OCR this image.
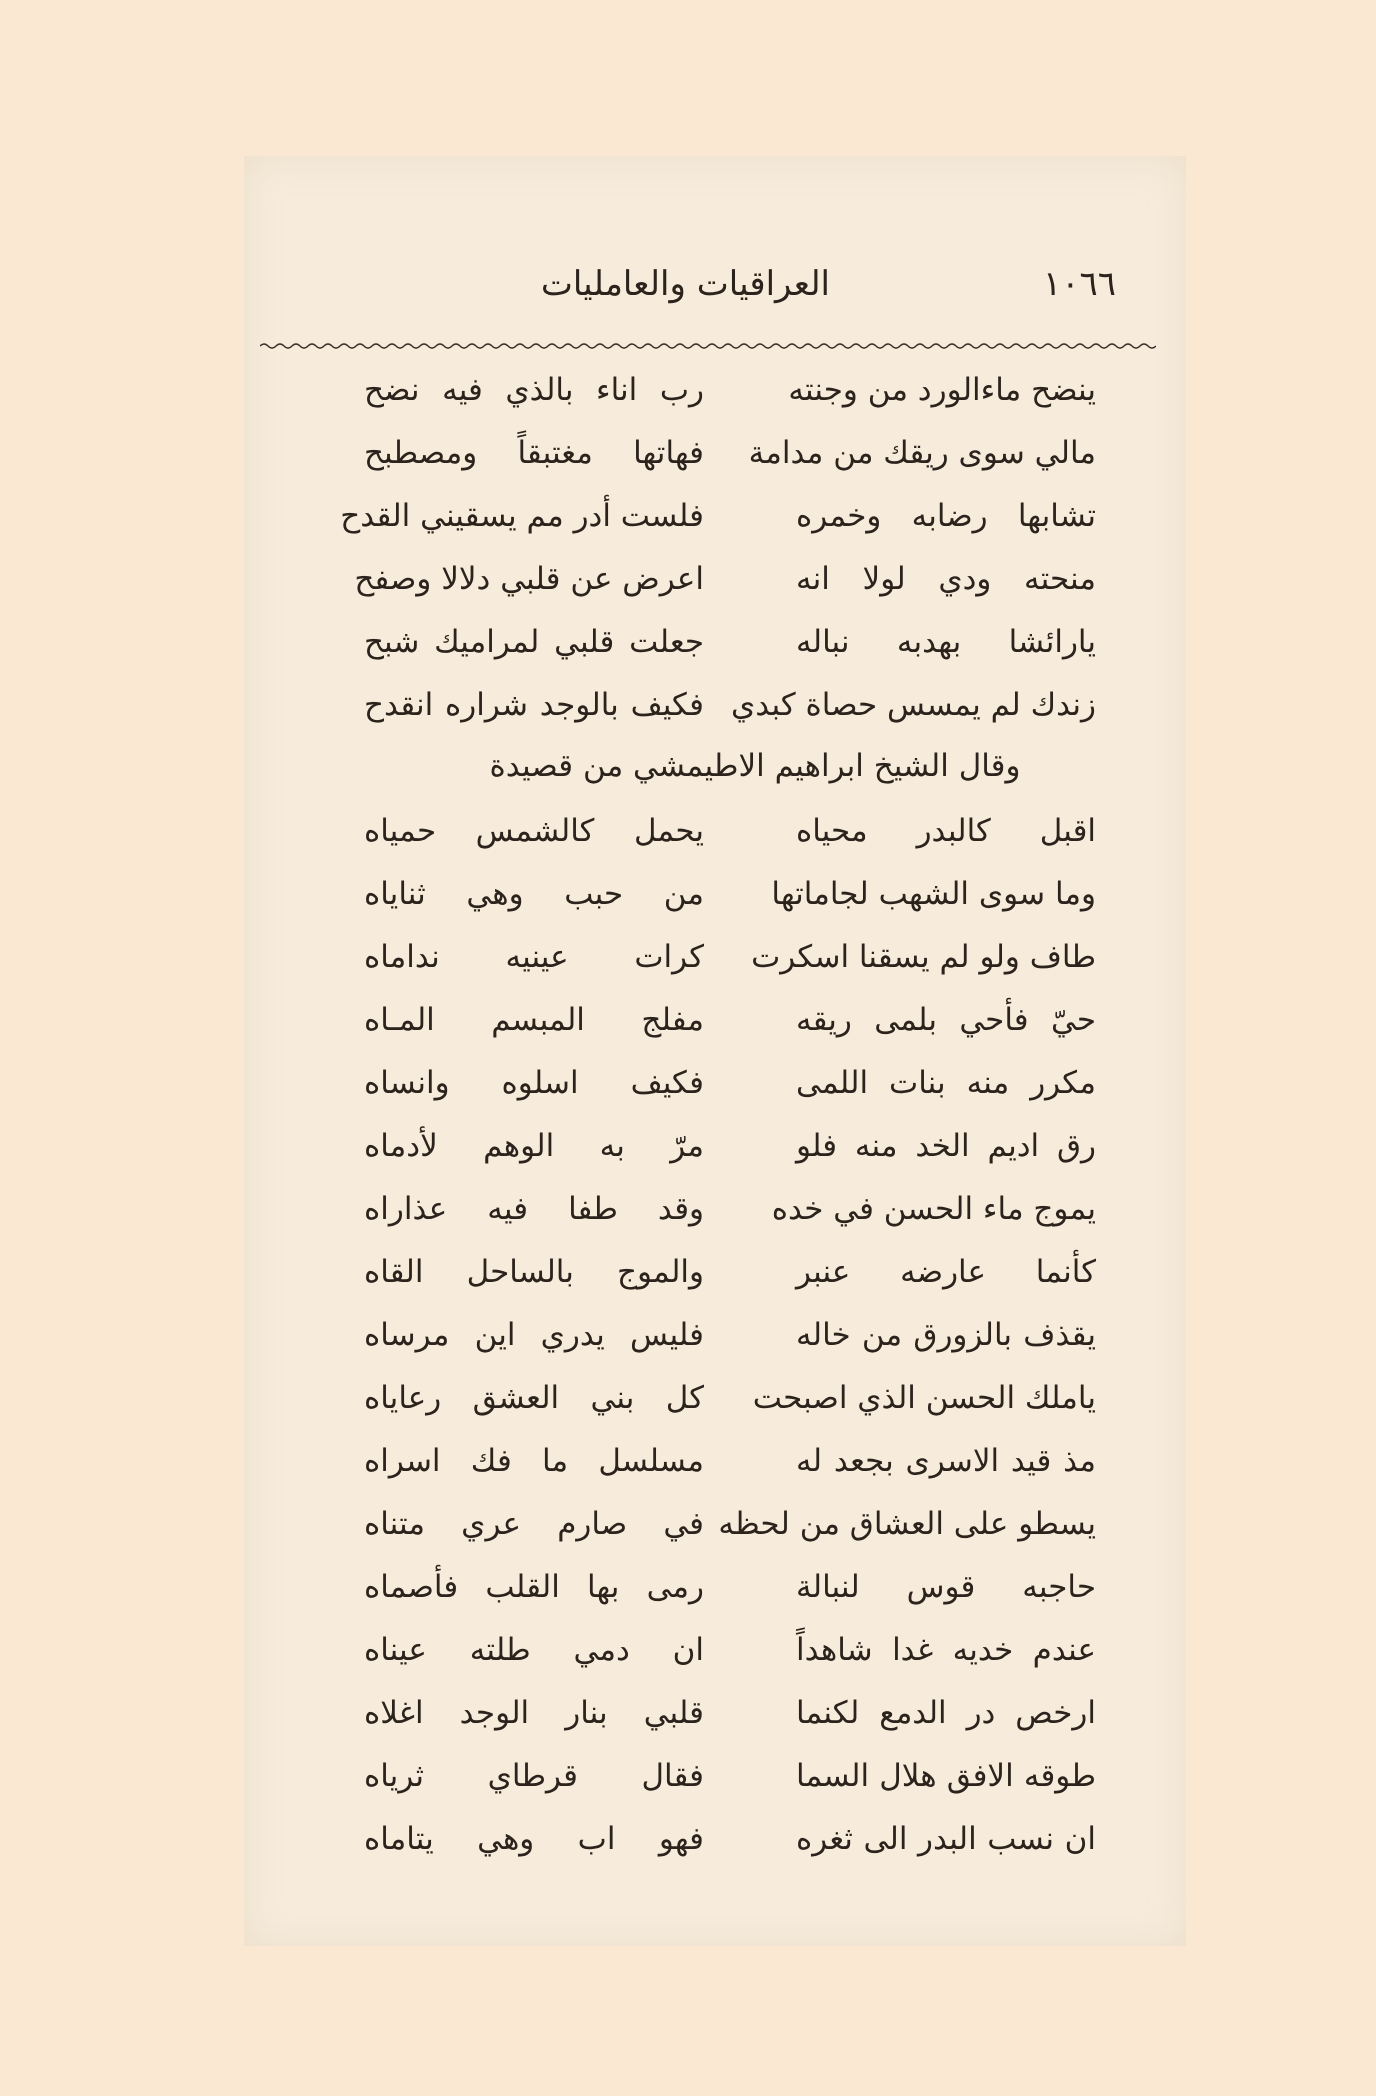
١٠٦٦
العراقيات والعامليات
ينضح ماءالورد من وجنته
رب اناء بالذي فيه نضح
مالي سوى ريقك من مدامة
فهاتها مغتبقاً ومصطبح
تشابها رضابه وخمره
فلست أدر مم يسقيني القدح
منحته ودي لولا انه
اعرض عن قلبي دلالا وصفح
يارائشا بهدبه نباله
جعلت قلبي لمراميك شبح
زندك لم يمسس حصاة كبدي
فكيف بالوجد شراره انقدح
وقال الشيخ ابراهيم الاطيمشي من قصيدة
اقبل كالبدر محياه
يحمل كالشمس حمياه
وما سوى الشهب لجاماتها
من حبب وهي ثناياه
طاف ولو لم يسقنا اسكرت
كرات عينيه نداماه
حيّ فأحي بلمى ريقه
مفلج المبسم المـاه
مكرر منه بنات اللمى
فكيف اسلوه وانساه
رق اديم الخد منه فلو
مرّ به الوهم لأدماه
يموج ماء الحسن في خده
وقد طفا فيه عذاراه
كأنما عارضه عنبر
والموج بالساحل القاه
يقذف بالزورق من خاله
فليس يدري اين مرساه
ياملك الحسن الذي اصبحت
كل بني العشق رعاياه
مذ قيد الاسرى بجعد له
مسلسل ما فك اسراه
يسطو على العشاق من لحظه
في صارم عري متناه
حاجبه قوس لنبالة
رمى بها القلب فأصماه
عندم خديه غدا شاهداً
ان دمي طلته عيناه
ارخص در الدمع لكنما
قلبي بنار الوجد اغلاه
طوقه الافق هلال السما
فقال قرطاي ثرياه
ان نسب البدر الى ثغره
فهو اب وهي يتاماه
